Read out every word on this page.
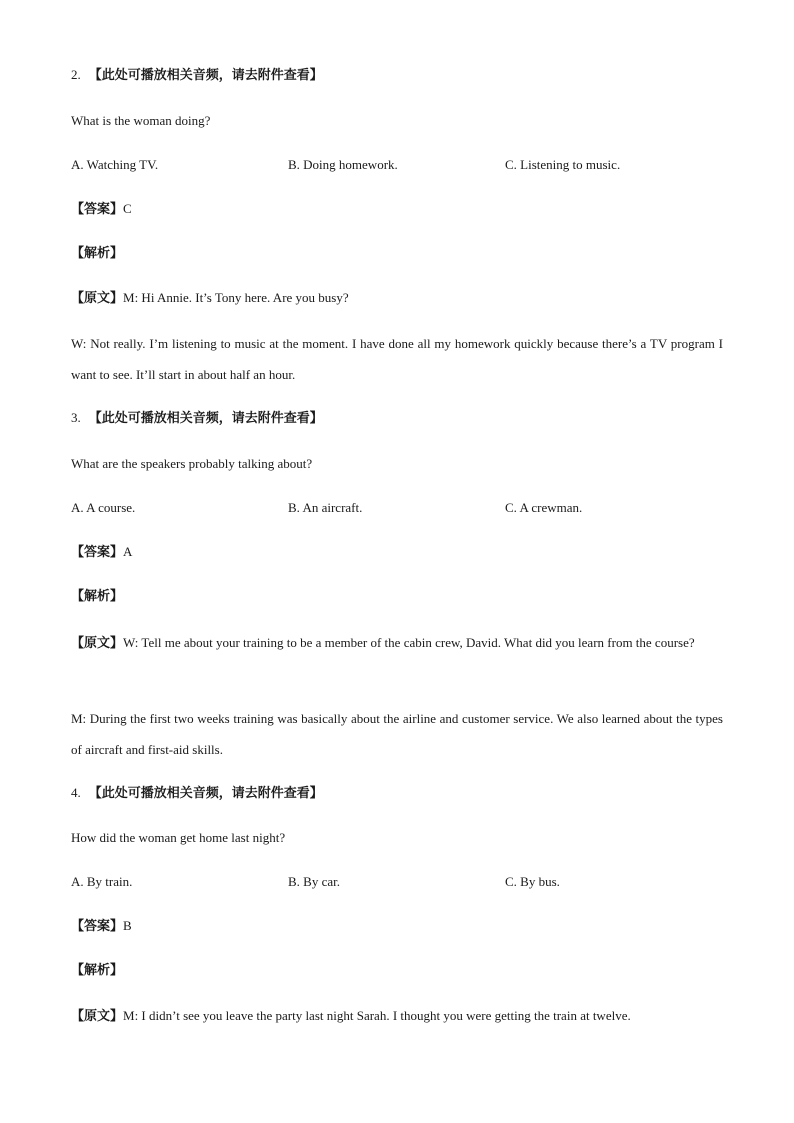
2. 【此处可播放相关音频，请去附件查看】
What is the woman doing?
A. Watching TV.	B. Doing homework.	C. Listening to music.
【答案】C
【解析】
【原文】M: Hi Annie. It’s Tony here. Are you busy?
W: Not really. I’m listening to music at the moment. I have done all my homework quickly because there’s a TV program I want to see. It’ll start in about half an hour.
3. 【此处可播放相关音频，请去附件查看】
What are the speakers probably talking about?
A. A course.	B. An aircraft.	C. A crewman.
【答案】A
【解析】
【原文】W: Tell me about your training to be a member of the cabin crew, David. What did you learn from the course?
M: During the first two weeks training was basically about the airline and customer service. We also learned about the types of aircraft and first-aid skills.
4. 【此处可播放相关音频，请去附件查看】
How did the woman get home last night?
A. By train.	B. By car.	C. By bus.
【答案】B
【解析】
【原文】M: I didn’t see you leave the party last night Sarah. I thought you were getting the train at twelve.
